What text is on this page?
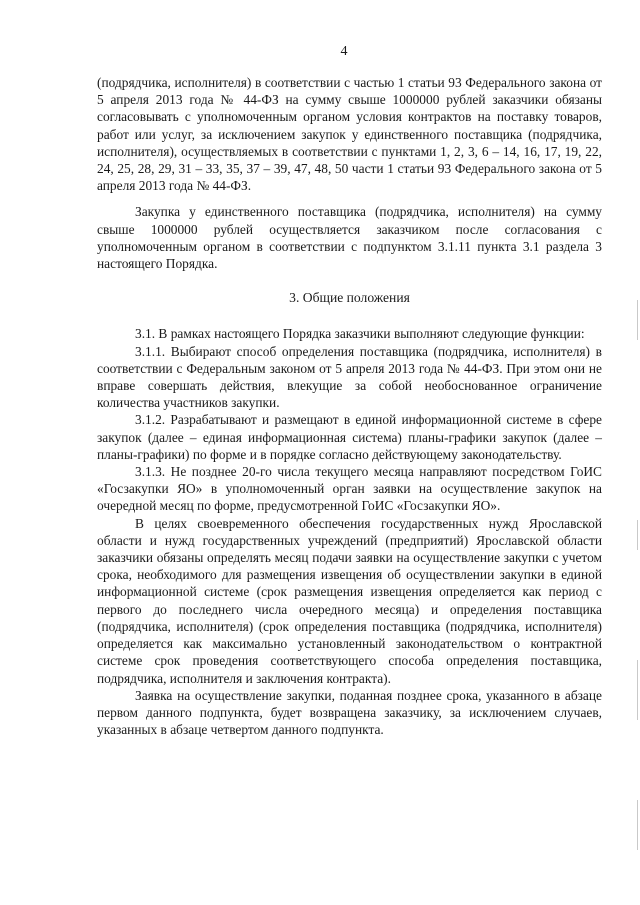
4

(подрядчика, исполнителя) в соответствии с частью 1 статьи 93 Федерального закона от 5 апреля 2013 года № 44-ФЗ на сумму свыше 1000000 рублей заказчики обязаны согласовывать с уполномоченным органом условия контрактов на поставку товаров, работ или услуг, за исключением закупок у единственного поставщика (подрядчика, исполнителя), осуществляемых в соответствии с пунктами 1, 2, 3, 6 – 14, 16, 17, 19, 22, 24, 25, 28, 29, 31 – 33, 35, 37 – 39, 47, 48, 50 части 1 статьи 93 Федерального закона от 5 апреля 2013 года № 44-ФЗ.

Закупка у единственного поставщика (подрядчика, исполнителя) на сумму свыше 1000000 рублей осуществляется заказчиком после согласования с уполномоченным органом в соответствии с подпунктом 3.1.11 пункта 3.1 раздела 3 настоящего Порядка.

3. Общие положения

3.1. В рамках настоящего Порядка заказчики выполняют следующие функции:

3.1.1. Выбирают способ определения поставщика (подрядчика, исполнителя) в соответствии с Федеральным законом от 5 апреля 2013 года № 44-ФЗ. При этом они не вправе совершать действия, влекущие за собой необоснованное ограничение количества участников закупки.

3.1.2. Разрабатывают и размещают в единой информационной системе в сфере закупок (далее – единая информационная система) планы-графики закупок (далее – планы-графики) по форме и в порядке согласно действующему законодательству.

3.1.3. Не позднее 20-го числа текущего месяца направляют посредством ГоИС «Госзакупки ЯО» в уполномоченный орган заявки на осуществление закупок на очередной месяц по форме, предусмотренной ГоИС «Госзакупки ЯО».

В целях своевременного обеспечения государственных нужд Ярославской области и нужд государственных учреждений (предприятий) Ярославской области заказчики обязаны определять месяц подачи заявки на осуществление закупки с учетом срока, необходимого для размещения извещения об осуществлении закупки в единой информационной системе (срок размещения извещения определяется как период с первого до последнего числа очередного месяца) и определения поставщика (подрядчика, исполнителя) (срок определения поставщика (подрядчика, исполнителя) определяется как максимально установленный законодательством о контрактной системе срок проведения соответствующего способа определения поставщика, подрядчика, исполнителя и заключения контракта).

Заявка на осуществление закупки, поданная позднее срока, указанного в абзаце первом данного подпункта, будет возвращена заказчику, за исключением случаев, указанных в абзаце четвертом данного подпункта.
